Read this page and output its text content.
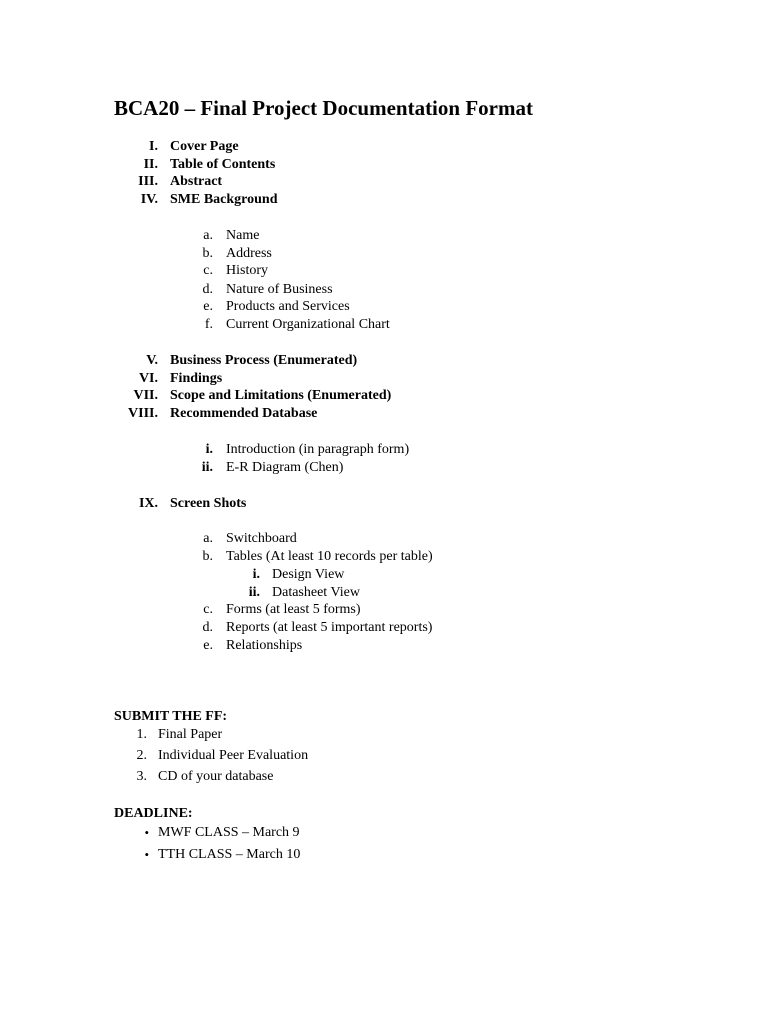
BCA20 – Final Project Documentation Format
I. Cover Page
II. Table of Contents
III. Abstract
IV. SME Background
a. Name
b. Address
c. History
d. Nature of Business
e. Products and Services
f. Current Organizational Chart
V. Business Process (Enumerated)
VI. Findings
VII. Scope and Limitations (Enumerated)
VIII. Recommended Database
i. Introduction (in paragraph form)
ii. E-R Diagram (Chen)
IX. Screen Shots
a. Switchboard
b. Tables (At least 10 records per table)
i. Design View
ii. Datasheet View
c. Forms (at least 5 forms)
d. Reports (at least 5 important reports)
e. Relationships
SUBMIT THE FF:
1. Final Paper
2. Individual Peer Evaluation
3. CD of your database
DEADLINE:
• MWF CLASS – March 9
• TTH CLASS – March 10
